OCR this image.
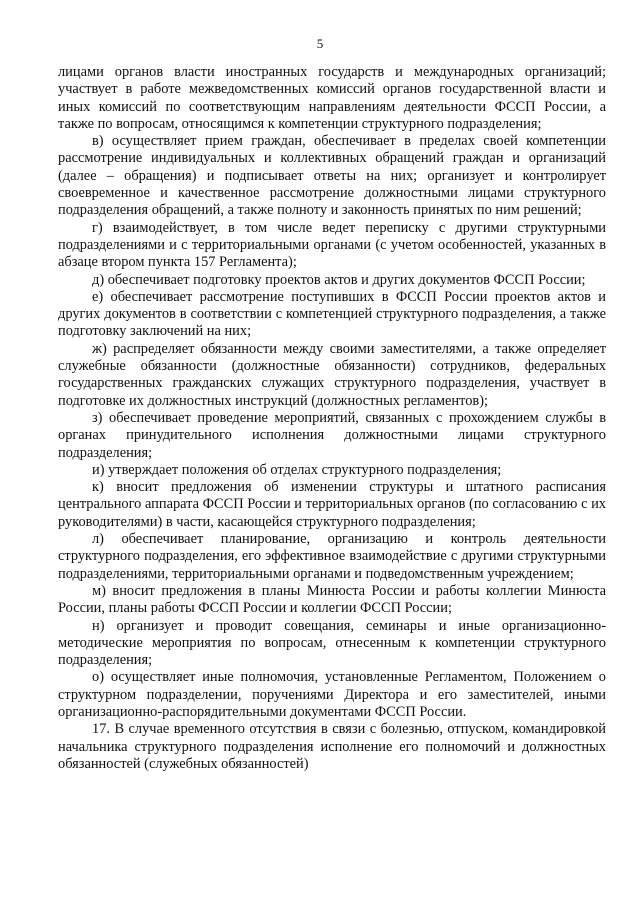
5

лицами органов власти иностранных государств и международных организаций; участвует в работе межведомственных комиссий органов государственной власти и иных комиссий по соответствующим направлениям деятельности ФССП России, а также по вопросам, относящимся к компетенции структурного подразделения;

в) осуществляет прием граждан, обеспечивает в пределах своей компетенции рассмотрение индивидуальных и коллективных обращений граждан и организаций (далее – обращения) и подписывает ответы на них; организует и контролирует своевременное и качественное рассмотрение должностными лицами структурного подразделения обращений, а также полноту и законность принятых по ним решений;

г) взаимодействует, в том числе ведет переписку с другими структурными подразделениями и с территориальными органами (с учетом особенностей, указанных в абзаце втором пункта 157 Регламента);

д) обеспечивает подготовку проектов актов и других документов ФССП России;

е) обеспечивает рассмотрение поступивших в ФССП России проектов актов и других документов в соответствии с компетенцией структурного подразделения, а также подготовку заключений на них;

ж) распределяет обязанности между своими заместителями, а также определяет служебные обязанности (должностные обязанности) сотрудников, федеральных государственных гражданских служащих структурного подразделения, участвует в подготовке их должностных инструкций (должностных регламентов);

з) обеспечивает проведение мероприятий, связанных с прохождением службы в органах принудительного исполнения должностными лицами структурного подразделения;

и) утверждает положения об отделах структурного подразделения;

к) вносит предложения об изменении структуры и штатного расписания центрального аппарата ФССП России и территориальных органов (по согласованию с их руководителями) в части, касающейся структурного подразделения;

л) обеспечивает планирование, организацию и контроль деятельности структурного подразделения, его эффективное взаимодействие с другими структурными подразделениями, территориальными органами и подведомственным учреждением;

м) вносит предложения в планы Минюста России и работы коллегии Минюста России, планы работы ФССП России и коллегии ФССП России;

н) организует и проводит совещания, семинары и иные организационно-методические мероприятия по вопросам, отнесенным к компетенции структурного подразделения;

о) осуществляет иные полномочия, установленные Регламентом, Положением о структурном подразделении, поручениями Директора и его заместителей, иными организационно-распорядительными документами ФССП России.

17. В случае временного отсутствия в связи с болезнью, отпуском, командировкой начальника структурного подразделения исполнение его полномочий и должностных обязанностей (служебных обязанностей)
